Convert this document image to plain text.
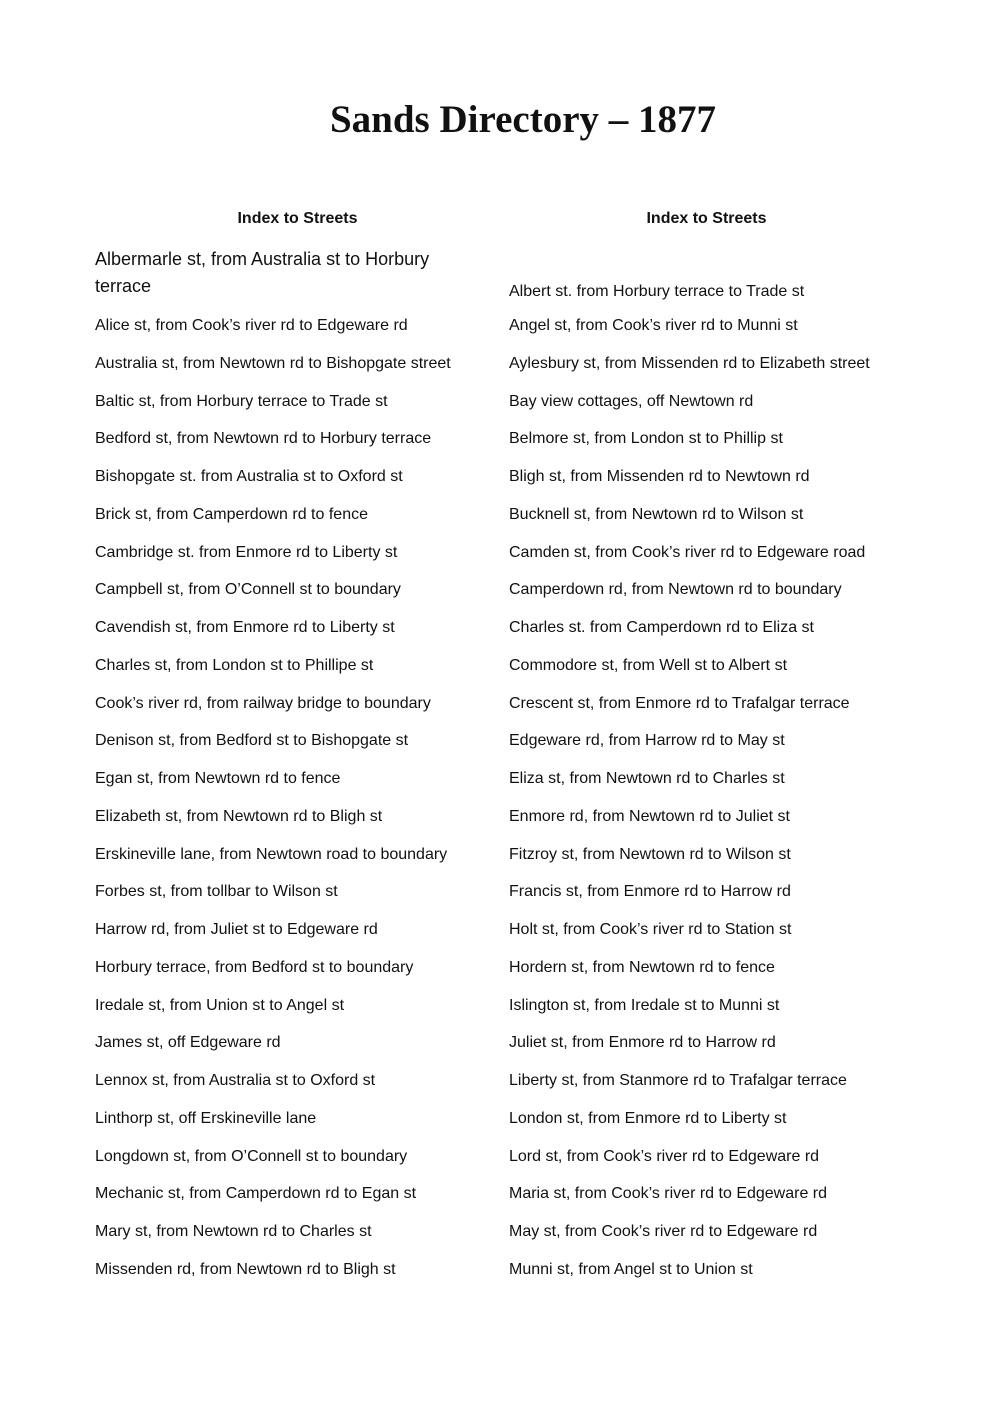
Sands Directory – 1877
Index to Streets
Albermarle st, from Australia st to Horbury terrace
Alice st, from Cook’s river rd to Edgeware rd
Australia st, from Newtown rd to Bishopgate street
Baltic st, from Horbury terrace to Trade st
Bedford st, from Newtown rd to Horbury terrace
Bishopgate st. from Australia st to Oxford st
Brick st, from Camperdown rd to fence
Cambridge st. from Enmore rd to Liberty st
Campbell st, from O’Connell st to boundary
Cavendish st, from Enmore rd to Liberty st
Charles st, from London st to Phillipe st
Cook’s river rd, from railway bridge to boundary
Denison st, from Bedford st to Bishopgate st
Egan st, from Newtown rd to fence
Elizabeth st, from Newtown rd to Bligh st
Erskineville lane, from Newtown road to boundary
Forbes st, from tollbar to Wilson st
Harrow rd, from Juliet st to Edgeware rd
Horbury terrace, from Bedford st to boundary
Iredale st, from Union st to Angel st
James st, off Edgeware rd
Lennox st, from Australia st to Oxford st
Linthorp st, off Erskineville lane
Longdown st, from O’Connell st to boundary
Mechanic st, from Camperdown rd to Egan st
Mary st, from Newtown rd to Charles st
Missenden rd, from Newtown rd to Bligh st
Index to Streets
Albert st. from Horbury terrace to Trade st
Angel st, from Cook’s river rd to Munni st
Aylesbury st, from Missenden rd to Elizabeth street
Bay view cottages, off Newtown rd
Belmore st, from London st to Phillip st
Bligh st, from Missenden rd to Newtown rd
Bucknell st, from Newtown rd to Wilson st
Camden st, from Cook’s river rd to Edgeware road
Camperdown rd, from Newtown rd to boundary
Charles st. from Camperdown rd to Eliza st
Commodore st, from Well st to Albert st
Crescent st, from Enmore rd to Trafalgar terrace
Edgeware rd, from Harrow rd to May st
Eliza st, from Newtown rd to Charles st
Enmore rd, from Newtown rd to Juliet st
Fitzroy st, from Newtown rd to Wilson st
Francis st, from Enmore rd to Harrow rd
Holt st, from Cook’s river rd to Station st
Hordern st, from Newtown rd to fence
Islington st, from Iredale st to Munni st
Juliet st, from Enmore rd to Harrow rd
Liberty st, from Stanmore rd to Trafalgar terrace
London st, from Enmore rd to Liberty st
Lord st, from Cook’s river rd to Edgeware rd
Maria st, from Cook’s river rd to Edgeware rd
May st, from Cook’s river rd to Edgeware rd
Munni st, from Angel st to Union st
